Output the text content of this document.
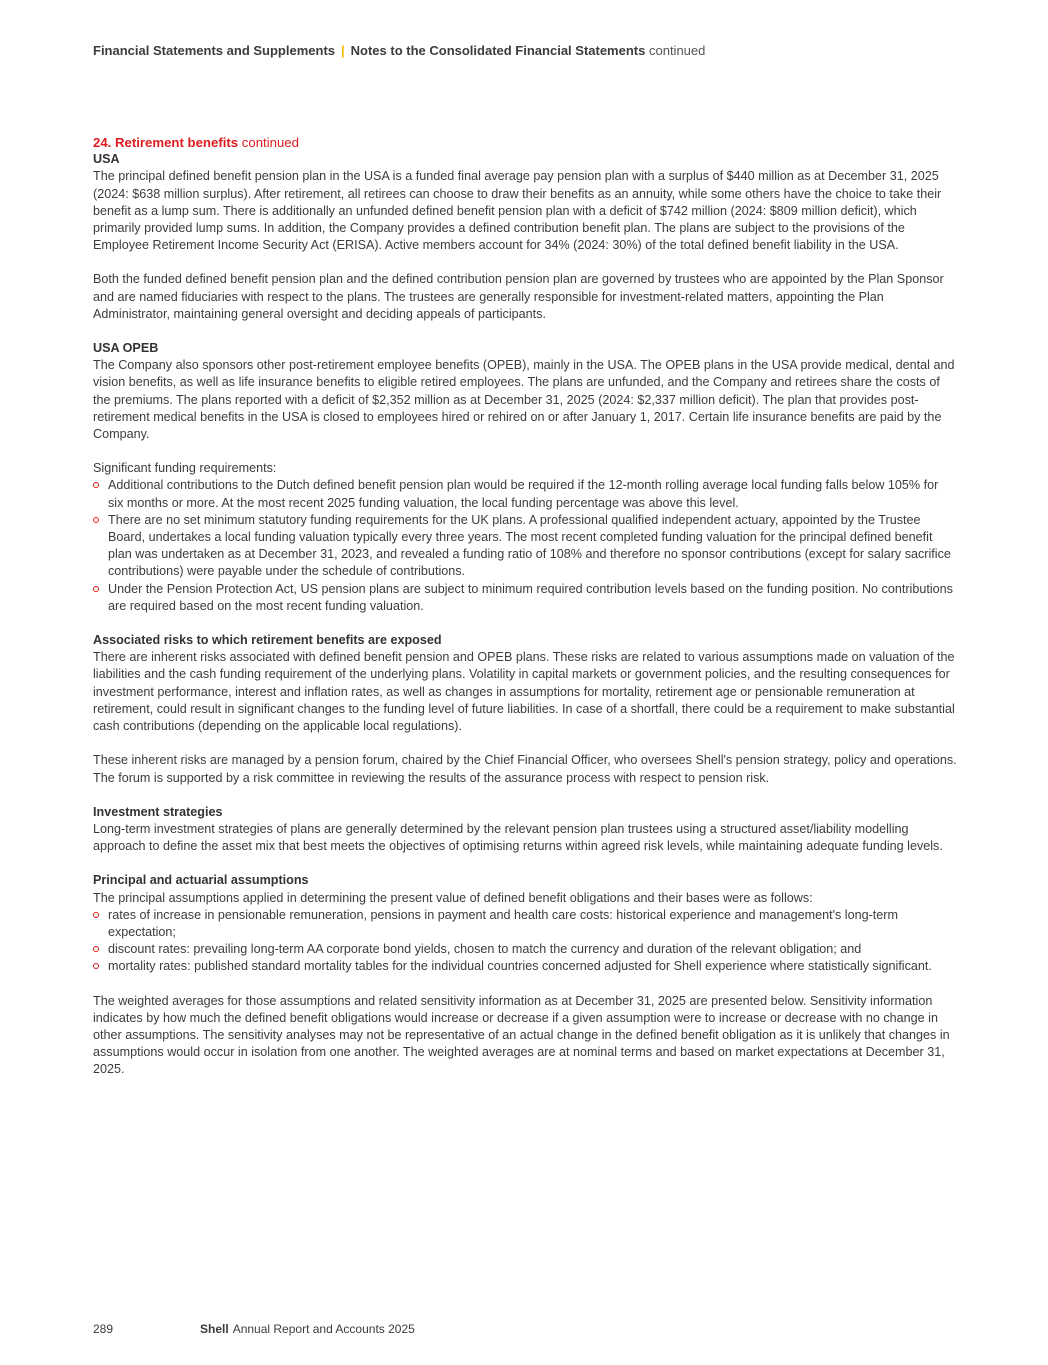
Financial Statements and Supplements | Notes to the Consolidated Financial Statements continued
24. Retirement benefits continued
USA

The principal defined benefit pension plan in the USA is a funded final average pay pension plan with a surplus of $440 million as at December 31, 2025 (2024: $638 million surplus). After retirement, all retirees can choose to draw their benefits as an annuity, while some others have the choice to take their benefit as a lump sum. There is additionally an unfunded defined benefit pension plan with a deficit of $742 million (2024: $809 million deficit), which primarily provided lump sums. In addition, the Company provides a defined contribution benefit plan. The plans are subject to the provisions of the Employee Retirement Income Security Act (ERISA). Active members account for 34% (2024: 30%) of the total defined benefit liability in the USA.

Both the funded defined benefit pension plan and the defined contribution pension plan are governed by trustees who are appointed by the Plan Sponsor and are named fiduciaries with respect to the plans. The trustees are generally responsible for investment-related matters, appointing the Plan Administrator, maintaining general oversight and deciding appeals of participants.

USA OPEB

The Company also sponsors other post-retirement employee benefits (OPEB), mainly in the USA. The OPEB plans in the USA provide medical, dental and vision benefits, as well as life insurance benefits to eligible retired employees. The plans are unfunded, and the Company and retirees share the costs of the premiums. The plans reported with a deficit of $2,352 million as at December 31, 2025 (2024: $2,337 million deficit). The plan that provides post-retirement medical benefits in the USA is closed to employees hired or rehired on or after January 1, 2017. Certain life insurance benefits are paid by the Company.

Significant funding requirements:
Additional contributions to the Dutch defined benefit pension plan would be required if the 12-month rolling average local funding falls below 105% for six months or more. At the most recent 2025 funding valuation, the local funding percentage was above this level.
There are no set minimum statutory funding requirements for the UK plans. A professional qualified independent actuary, appointed by the Trustee Board, undertakes a local funding valuation typically every three years. The most recent completed funding valuation for the principal defined benefit plan was undertaken as at December 31, 2023, and revealed a funding ratio of 108% and therefore no sponsor contributions (except for salary sacrifice contributions) were payable under the schedule of contributions.
Under the Pension Protection Act, US pension plans are subject to minimum required contribution levels based on the funding position. No contributions are required based on the most recent funding valuation.
Associated risks to which retirement benefits are exposed

There are inherent risks associated with defined benefit pension and OPEB plans. These risks are related to various assumptions made on valuation of the liabilities and the cash funding requirement of the underlying plans. Volatility in capital markets or government policies, and the resulting consequences for investment performance, interest and inflation rates, as well as changes in assumptions for mortality, retirement age or pensionable remuneration at retirement, could result in significant changes to the funding level of future liabilities. In case of a shortfall, there could be a requirement to make substantial cash contributions (depending on the applicable local regulations).

These inherent risks are managed by a pension forum, chaired by the Chief Financial Officer, who oversees Shell's pension strategy, policy and operations. The forum is supported by a risk committee in reviewing the results of the assurance process with respect to pension risk.

Investment strategies

Long-term investment strategies of plans are generally determined by the relevant pension plan trustees using a structured asset/liability modelling approach to define the asset mix that best meets the objectives of optimising returns within agreed risk levels, while maintaining adequate funding levels.

Principal and actuarial assumptions

The principal assumptions applied in determining the present value of defined benefit obligations and their bases were as follows:

rates of increase in pensionable remuneration, pensions in payment and health care costs: historical experience and management's long-term expectation;
discount rates: prevailing long-term AA corporate bond yields, chosen to match the currency and duration of the relevant obligation; and
mortality rates: published standard mortality tables for the individual countries concerned adjusted for Shell experience where statistically significant.

The weighted averages for those assumptions and related sensitivity information as at December 31, 2025 are presented below. Sensitivity information indicates by how much the defined benefit obligations would increase or decrease if a given assumption were to increase or decrease with no change in other assumptions. The sensitivity analyses may not be representative of an actual change in the defined benefit obligation as it is unlikely that changes in assumptions would occur in isolation from one another. The weighted averages are at nominal terms and based on market expectations at December 31, 2025.

289	Shell Annual Report and Accounts 2025
